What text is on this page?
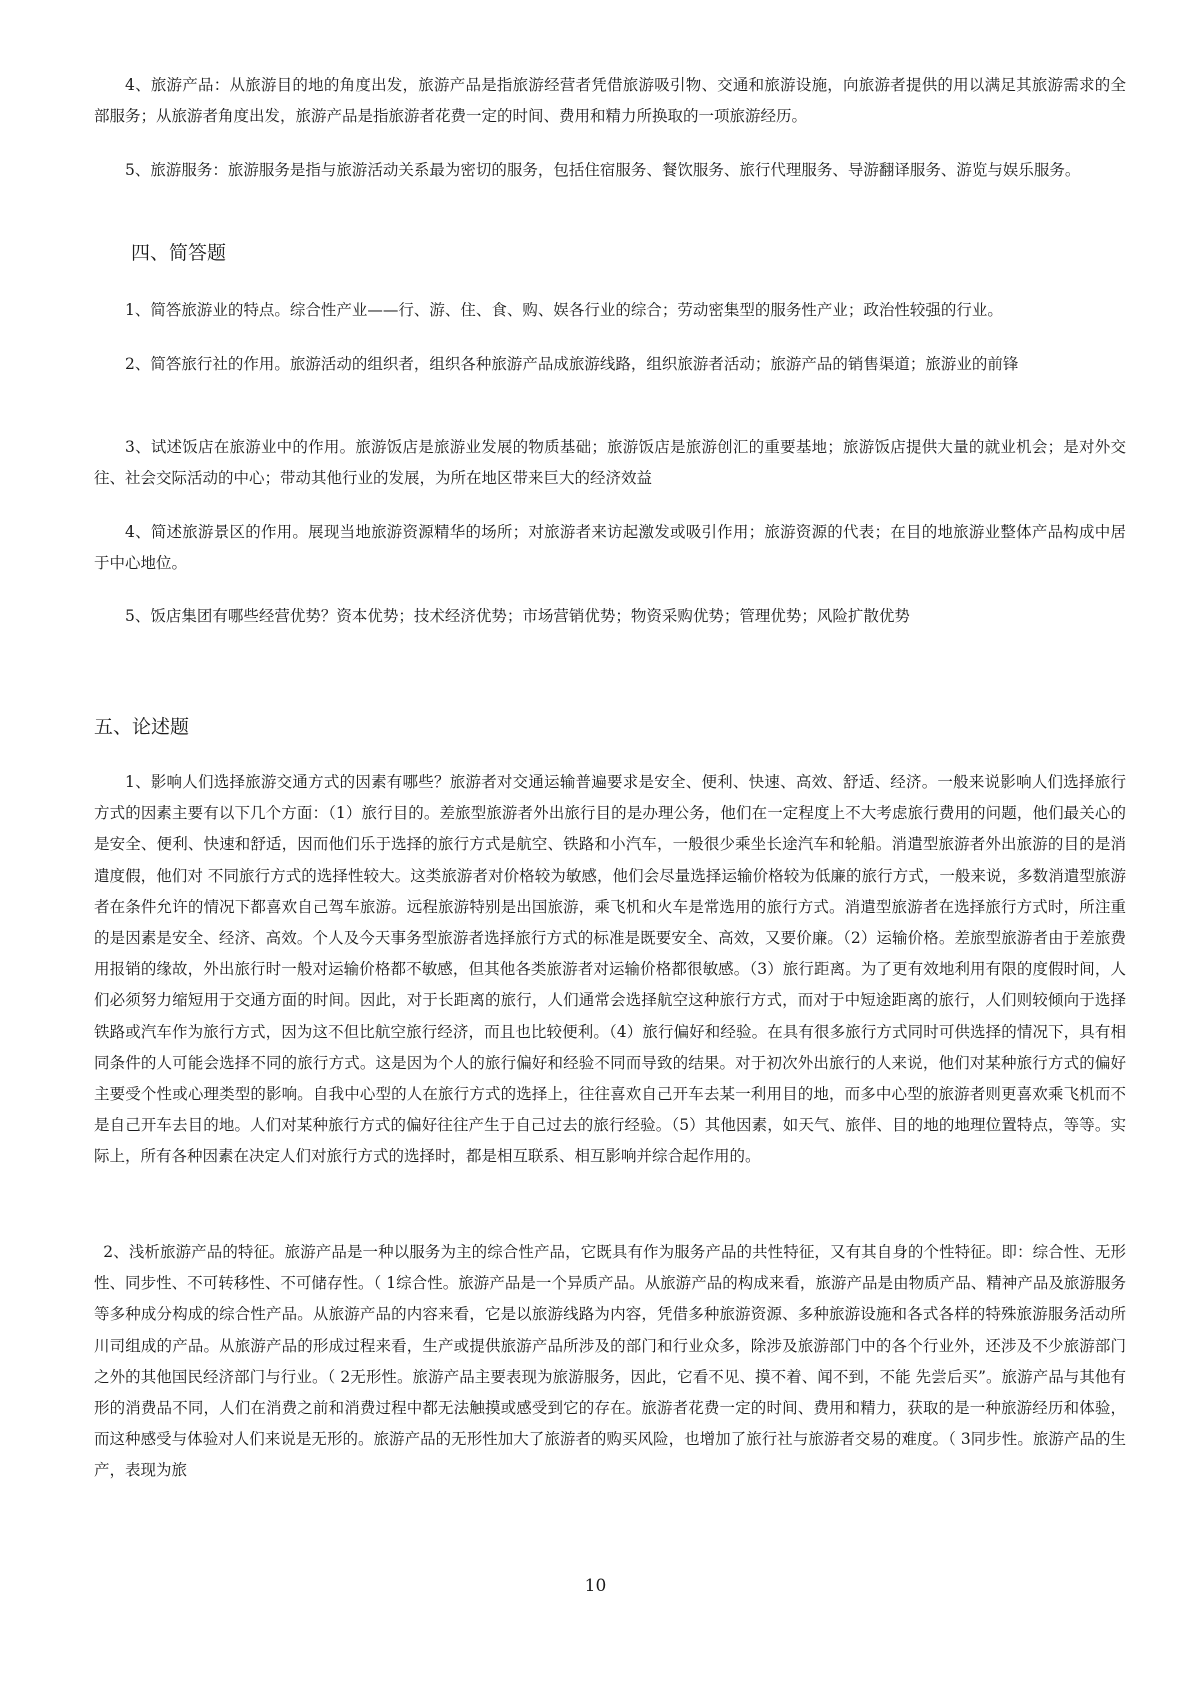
4、旅游产品：从旅游目的地的角度出发，旅游产品是指旅游经营者凭借旅游吸引物、交通和旅游设施，向旅游者提供的用以满足其旅游需求的全部服务；从旅游者角度出发，旅游产品是指旅游者花费一定的时间、费用和精力所换取的一项旅游经历。

5、旅游服务：旅游服务是指与旅游活动关系最为密切的服务，包括住宿服务、餐饮服务、旅行代理服务、导游翻译服务、游览与娱乐服务。

四、简答题

1、简答旅游业的特点。综合性产业——行、游、住、食、购、娱各行业的综合；劳动密集型的服务性产业；政治性较强的行业。

2、简答旅行社的作用。旅游活动的组织者，组织各种旅游产品成旅游线路，组织旅游者活动；旅游产品的销售渠道；旅游业的前锋

3、试述饭店在旅游业中的作用。旅游饭店是旅游业发展的物质基础；旅游饭店是旅游创汇的重要基地；旅游饭店提供大量的就业机会；是对外交往、社会交际活动的中心；带动其他行业的发展，为所在地区带来巨大的经济效益

4、简述旅游景区的作用。展现当地旅游资源精华的场所；对旅游者来访起激发或吸引作用；旅游资源的代表；在目的地旅游业整体产品构成中居于中心地位。

5、饭店集团有哪些经营优势？资本优势；技术经济优势；市场营销优势；物资采购优势；管理优势；风险扩散优势

五、论述题

1、影响人们选择旅游交通方式的因素有哪些？旅游者对交通运输普遍要求是安全、便利、快速、高效、舒适、经济。一般来说影响人们选择旅行方式的因素主要有以下几个方面：（1）旅行目的。差旅型旅游者外出旅行目的是办理公务，他们在一定程度上不大考虑旅行费用的问题，他们最关心的是安全、便利、快速和舒适，因而他们乐于选择的旅行方式是航空、铁路和小汽车，一般很少乘坐长途汽车和轮船。消遣型旅游者外出旅游的目的是消遣度假，他们对 不同旅行方式的选择性较大。这类旅游者对价格较为敏感，他们会尽量选择运输价格较为低廉的旅行方式，一般来说，多数消遣型旅游者在条件允许的情况下都喜欢自己驾车旅游。远程旅游特别是出国旅游，乘飞机和火车是常选用的旅行方式。消遣型旅游者在选择旅行方式时，所注重的是因素是安全、经济、高效。个人及今天事务型旅游者选择旅行方式的标准是既要安全、高效，又要价廉。（2）运输价格。差旅型旅游者由于差旅费用报销的缘故，外出旅行时一般对运输价格都不敏感，但其他各类旅游者对运输价格都很敏感。（3）旅行距离。为了更有效地利用有限的度假时间，人们必须努力缩短用于交通方面的时间。因此，对于长距离的旅行，人们通常会选择航空这种旅行方式，而对于中短途距离的旅行，人们则较倾向于选择铁路或汽车作为旅行方式，因为这不但比航空旅行经济，而且也比较便利。（4）旅行偏好和经验。在具有很多旅行方式同时可供选择的情况下，具有相同条件的人可能会选择不同的旅行方式。这是因为个人的旅行偏好和经验不同而导致的结果。对于初次外出旅行的人来说，他们对某种旅行方式的偏好主要受个性或心理类型的影响。自我中心型的人在旅行方式的选择上，往往喜欢自己开车去某一利用目的地，而多中心型的旅游者则更喜欢乘飞机而不是自己开车去目的地。人们对某种旅行方式的偏好往往产生于自己过去的旅行经验。（5）其他因素，如天气、旅伴、目的地的地理位置特点，等等。实际上，所有各种因素在决定人们对旅行方式的选择时，都是相互联系、相互影响并综合起作用的。

2、浅析旅游产品的特征。旅游产品是一种以服务为主的综合性产品，它既具有作为服务产品的共性特征，又有其自身的个性特征。即：综合性、无形性、同步性、不可转移性、不可储存性。（ 1综合性。旅游产品是一个异质产品。从旅游产品的构成来看，旅游产品是由物质产品、精神产品及旅游服务等多种成分构成的综合性产品。从旅游产品的内容来看，它是以旅游线路为内容，凭借多种旅游资源、多种旅游设施和各式各样的特殊旅游服务活动所川司组成的产品。从旅游产品的形成过程来看，生产或提供旅游产品所涉及的部门和行业众多，除涉及旅游部门中的各个行业外，还涉及不少旅游部门之外的其他国民经济部门与行业。（ 2无形性。旅游产品主要表现为旅游服务，因此，它看不见、摸不着、闻不到，不能 先尝后买”。旅游产品与其他有形的消费品不同，人们在消费之前和消费过程中都无法触摸或感受到它的存在。旅游者花费一定的时间、费用和精力，获取的是一种旅游经历和体验，而这种感受与体验对人们来说是无形的。旅游产品的无形性加大了旅游者的购买风险，也增加了旅行社与旅游者交易的难度。（ 3同步性。旅游产品的生产，表现为旅

10
